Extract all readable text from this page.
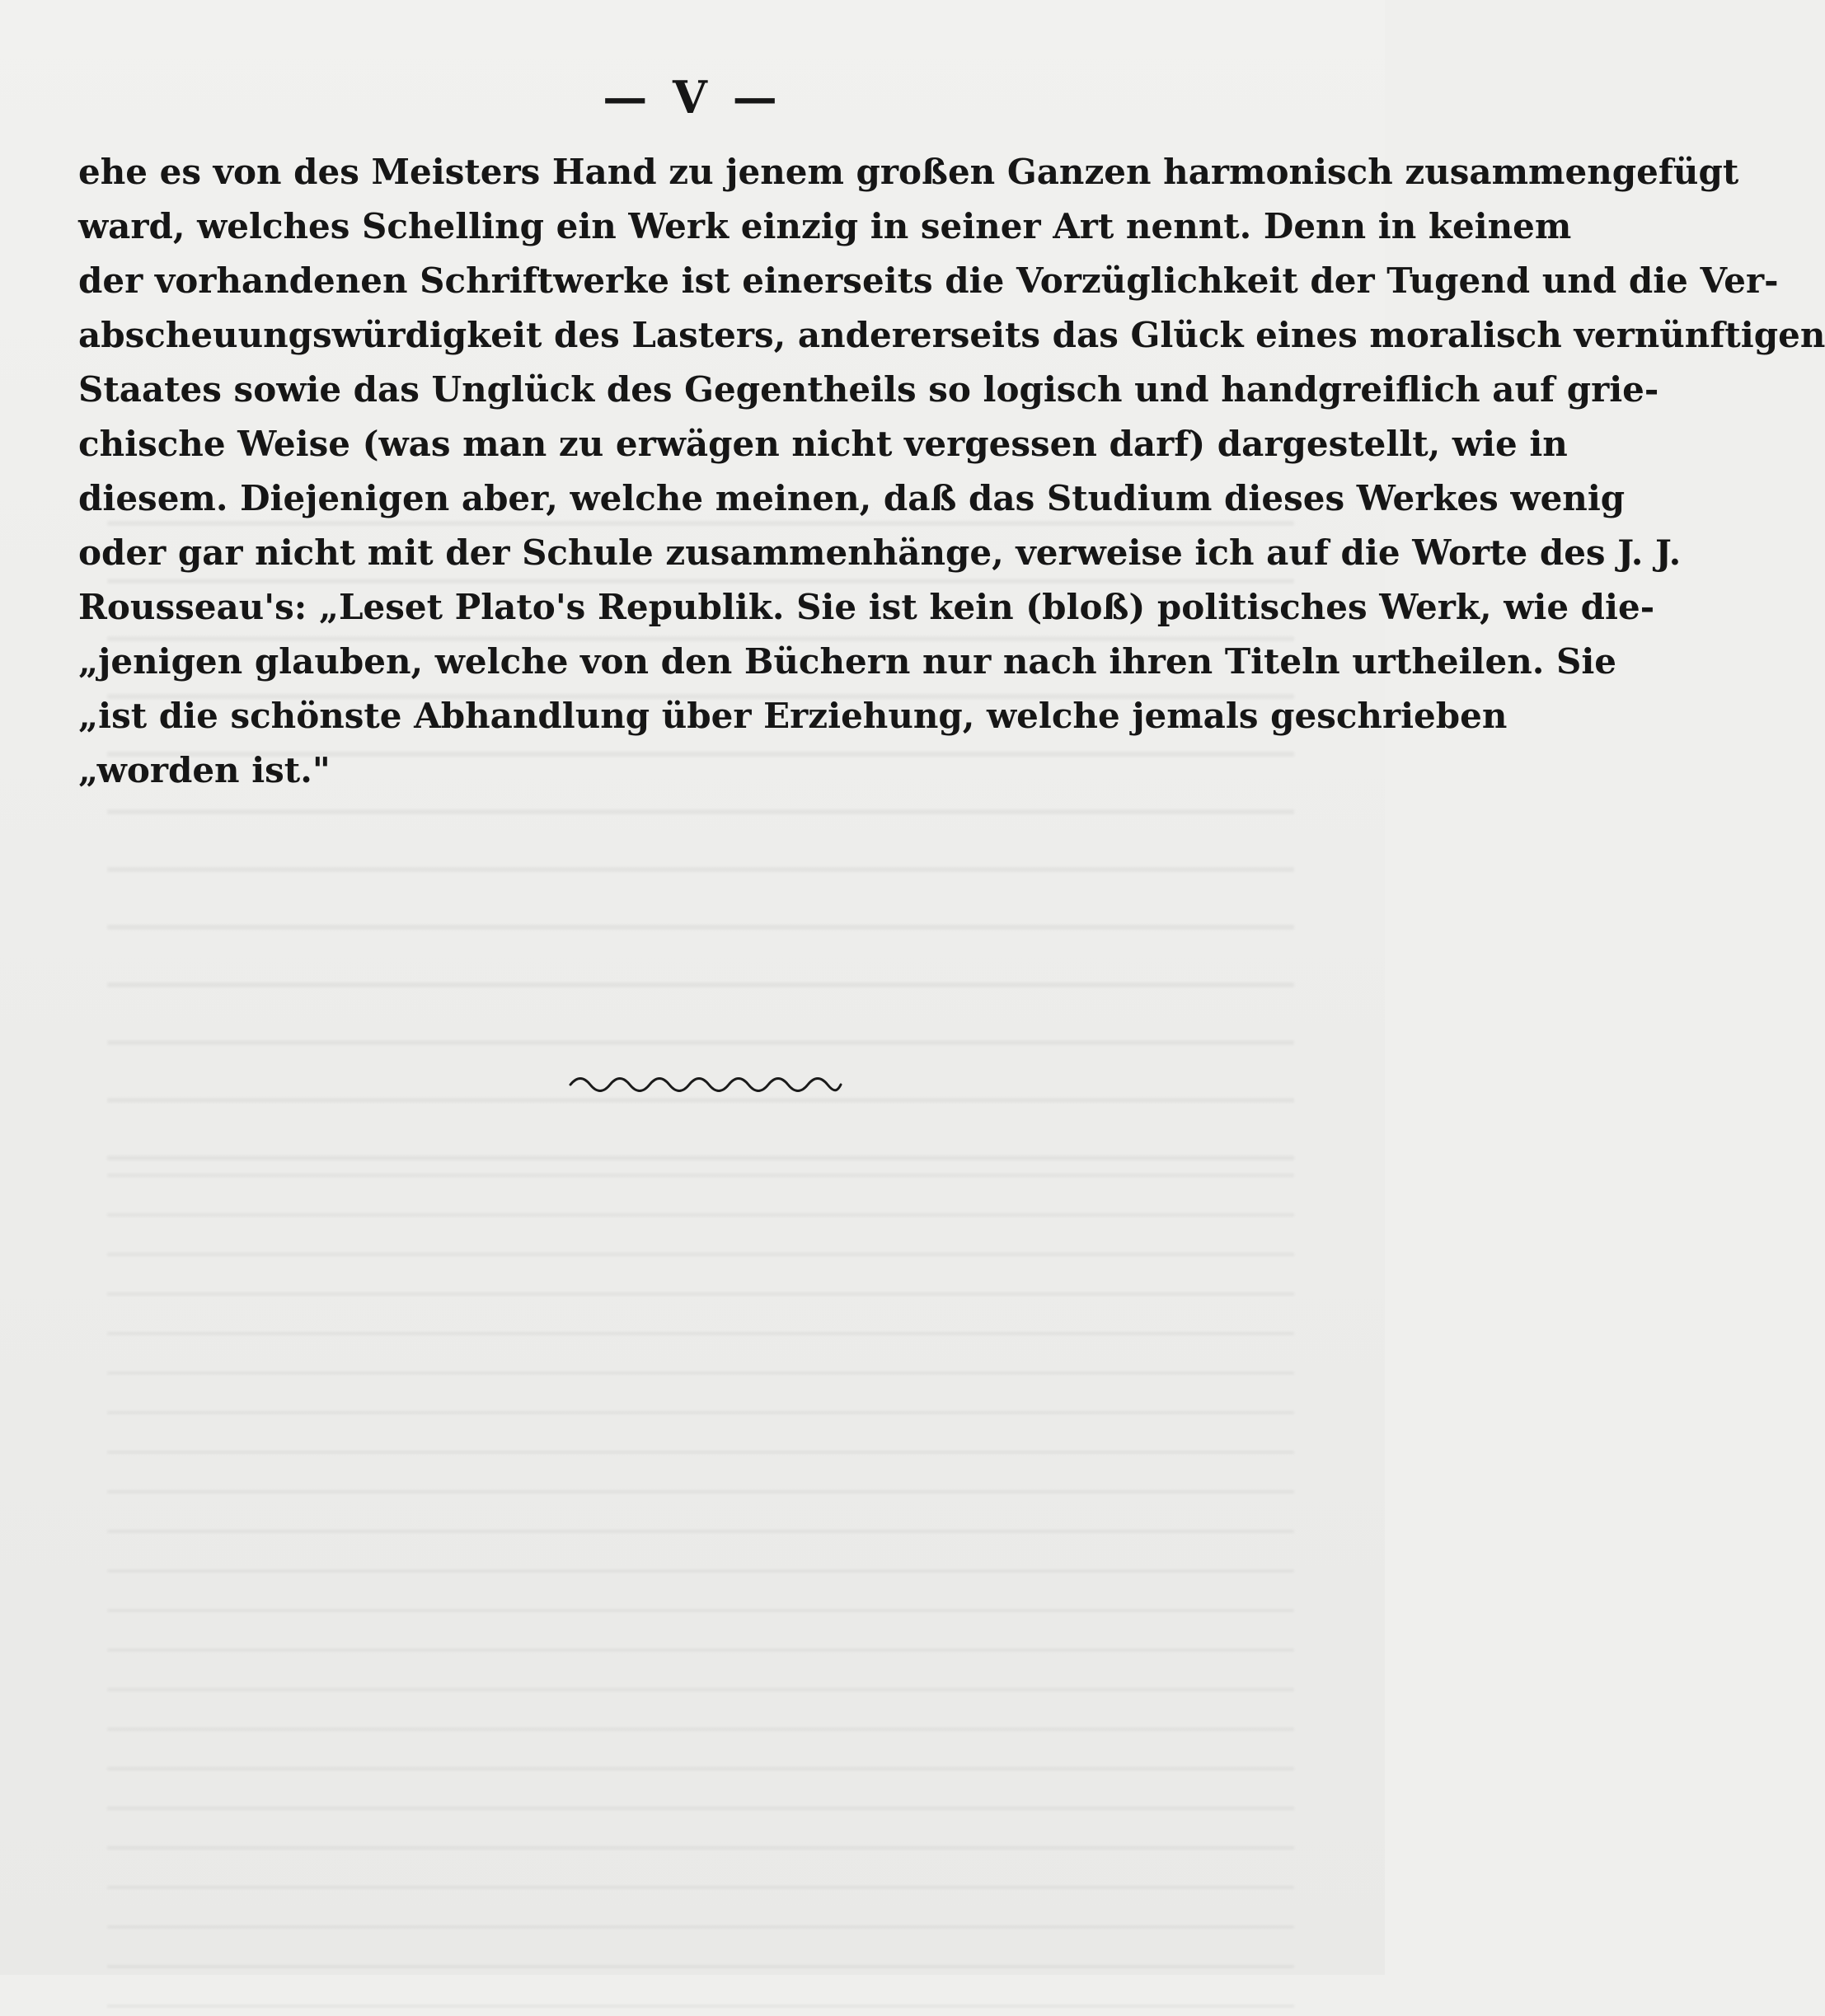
— V —
ehe es von des Meisters Hand zu jenem großen Ganzen harmonisch zusammengefügt
ward, welches Schelling ein Werk einzig in seiner Art nennt. Denn in keinem
der vorhandenen Schriftwerke ist einerseits die Vorzüglichkeit der Tugend und die Ver-
abscheuungswürdigkeit des Lasters, andererseits das Glück eines moralisch vernünftigen
Staates sowie das Unglück des Gegentheils so logisch und handgreiflich auf grie-
chische Weise (was man zu erwägen nicht vergessen darf) dargestellt, wie in
diesem. Diejenigen aber, welche meinen, daß das Studium dieses Werkes wenig
oder gar nicht mit der Schule zusammenhänge, verweise ich auf die Worte des J. J.
Rousseau's: „Leset Plato's Republik. Sie ist kein (bloß) politisches Werk, wie die-
„jenigen glauben, welche von den Büchern nur nach ihren Titeln urtheilen. Sie
„ist die schönste Abhandlung über Erziehung, welche jemals geschrieben
„worden ist."
